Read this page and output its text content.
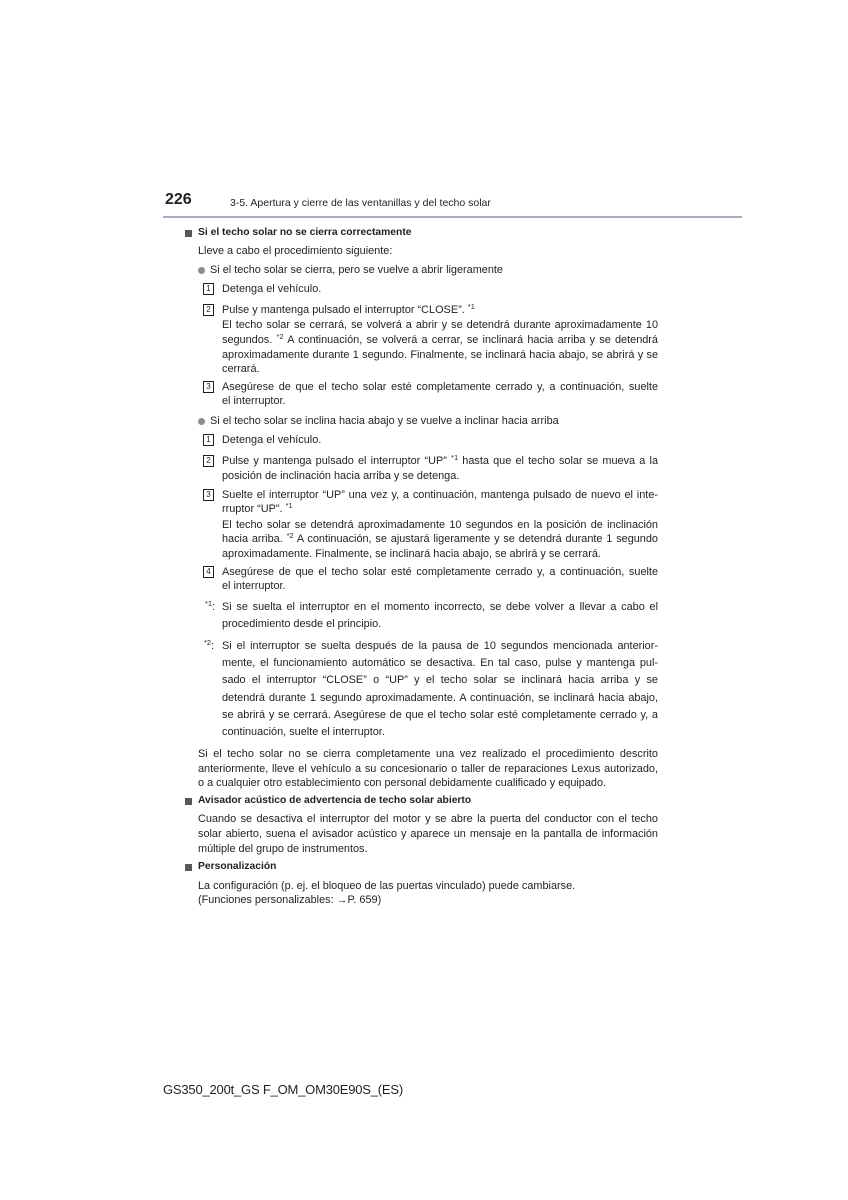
226	3-5. Apertura y cierre de las ventanillas y del techo solar
Si el techo solar no se cierra correctamente
Lleve a cabo el procedimiento siguiente:
Si el techo solar se cierra, pero se vuelve a abrir ligeramente
1	Detenga el vehículo.
2	Pulse y mantenga pulsado el interruptor “CLOSE”. $^{*1}$
El techo solar se cerrará, se volverá a abrir y se detendrá durante aproximadamente 10
segundos. $^{*2}$ A continuación, se volverá a cerrar, se inclinará hacia arriba y se detendrá
aproximadamente durante 1 segundo. Finalmente, se inclinará hacia abajo, se abrirá y se
cerrará.
3	Asegúrese de que el techo solar esté completamente cerrado y, a continuación, suelte
el interruptor.
Si el techo solar se inclina hacia abajo y se vuelve a inclinar hacia arriba
1	Detenga el vehículo.
2	Pulse y mantenga pulsado el interruptor “UP” $^{*1}$ hasta que el techo solar se mueva a la
posición de inclinación hacia arriba y se detenga.
3	Suelte el interruptor “UP” una vez y, a continuación, mantenga pulsado de nuevo el inte-
rruptor “UP”. $^{*1}$
El techo solar se detendrá aproximadamente 10 segundos en la posición de inclinación
hacia arriba. $^{*2}$ A continuación, se ajustará ligeramente y se detendrá durante 1 segundo
aproximadamente. Finalmente, se inclinará hacia abajo, se abrirá y se cerrará.
4	Asegúrese de que el techo solar esté completamente cerrado y, a continuación, suelte
el interruptor.
$^{*1}$: Si se suelta el interruptor en el momento incorrecto, se debe volver a llevar a cabo el
procedimiento desde el principio.
$^{*2}$: Si el interruptor se suelta después de la pausa de 10 segundos mencionada anterior-
mente, el funcionamiento automático se desactiva. En tal caso, pulse y mantenga pul-
sado el interruptor “CLOSE” o “UP” y el techo solar se inclinará hacia arriba y se
detendrá durante 1 segundo aproximadamente. A continuación, se inclinará hacia abajo,
se abrirá y se cerrará. Asegúrese de que el techo solar esté completamente cerrado y, a
continuación, suelte el interruptor.
Si el techo solar no se cierra completamente una vez realizado el procedimiento descrito
anteriormente, lleve el vehículo a su concesionario o taller de reparaciones Lexus autorizado,
o a cualquier otro establecimiento con personal debidamente cualificado y equipado.
Avisador acústico de advertencia de techo solar abierto
Cuando se desactiva el interruptor del motor y se abre la puerta del conductor con el techo
solar abierto, suena el avisador acústico y aparece un mensaje en la pantalla de información
múltiple del grupo de instrumentos.
Personalización
La configuración (p. ej. el bloqueo de las puertas vinculado) puede cambiarse.
(Funciones personalizables: →P. 659)
GS350_200t_GS F_OM_OM30E90S_(ES)
